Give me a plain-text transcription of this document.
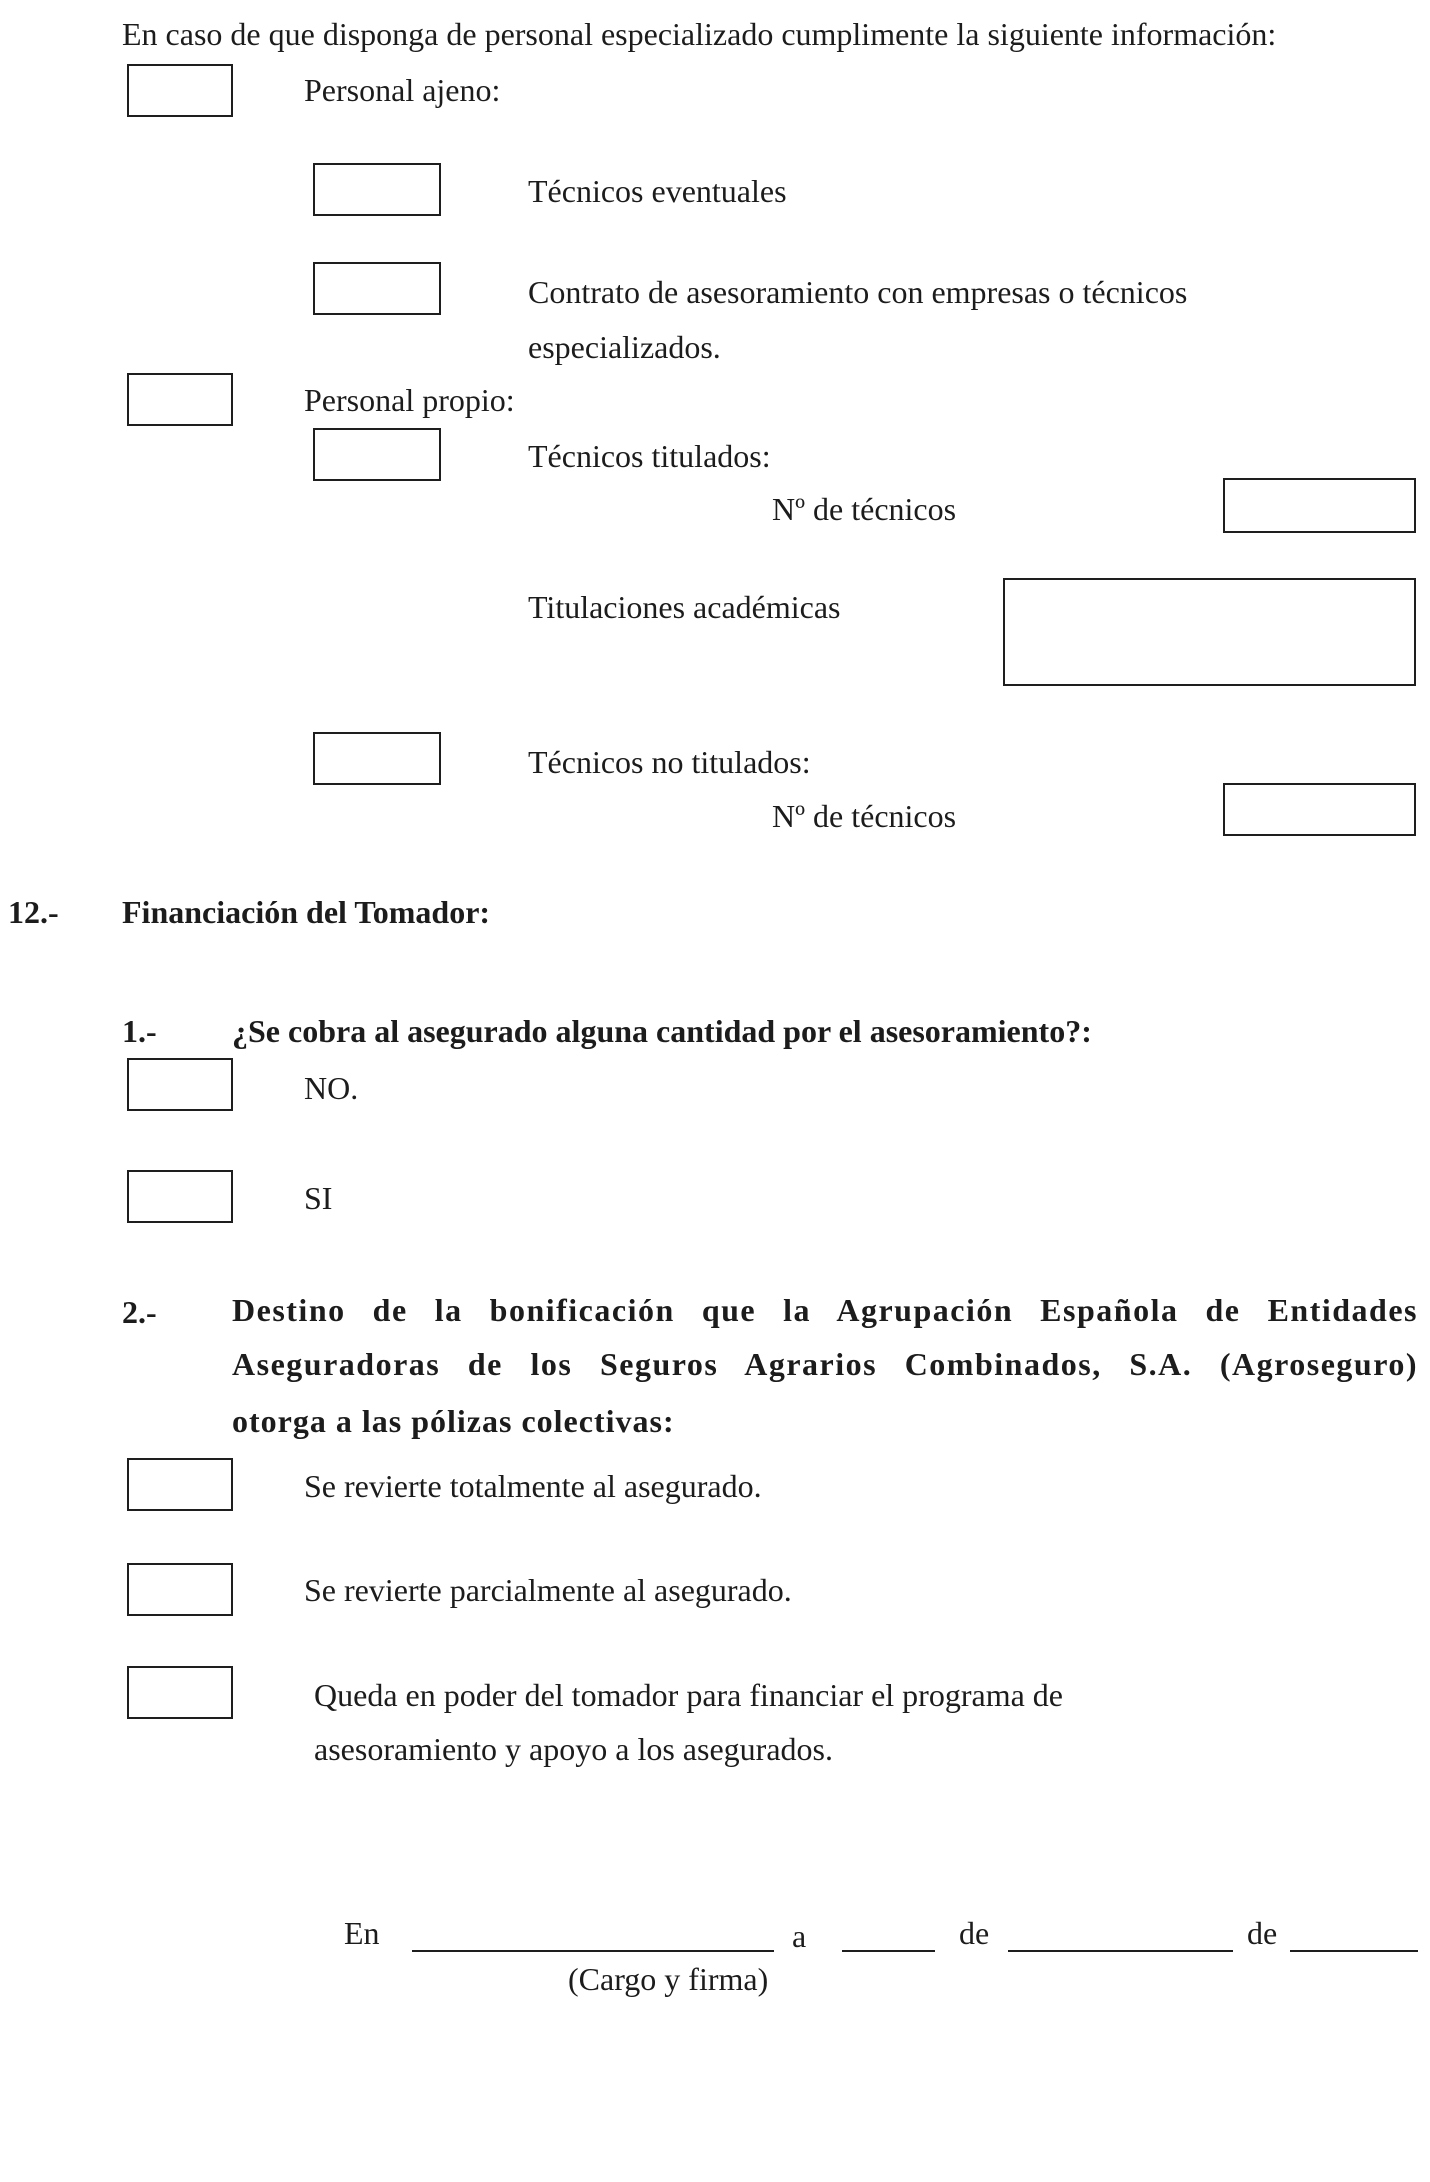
En caso de que disponga de personal especializado cumplimente la siguiente información:
Personal ajeno:
Técnicos eventuales
Contrato de asesoramiento con empresas o técnicos
especializados.
Personal propio:
Técnicos titulados:
Nº de técnicos
Titulaciones académicas
Técnicos no titulados:
Nº de técnicos
12.- Financiación del Tomador:
1.- ¿Se cobra al asegurado alguna cantidad por el asesoramiento?:
NO.
SI
2.- Destino de la bonificación que la Agrupación Española de Entidades
Aseguradoras de los Seguros Agrarios Combinados, S.A. (Agroseguro)
otorga a las pólizas colectivas:
Se revierte totalmente al asegurado.
Se revierte parcialmente al asegurado.
Queda en poder del tomador para financiar el programa de
asesoramiento y apoyo a los asegurados.
En	a	de	de
(Cargo y firma)
